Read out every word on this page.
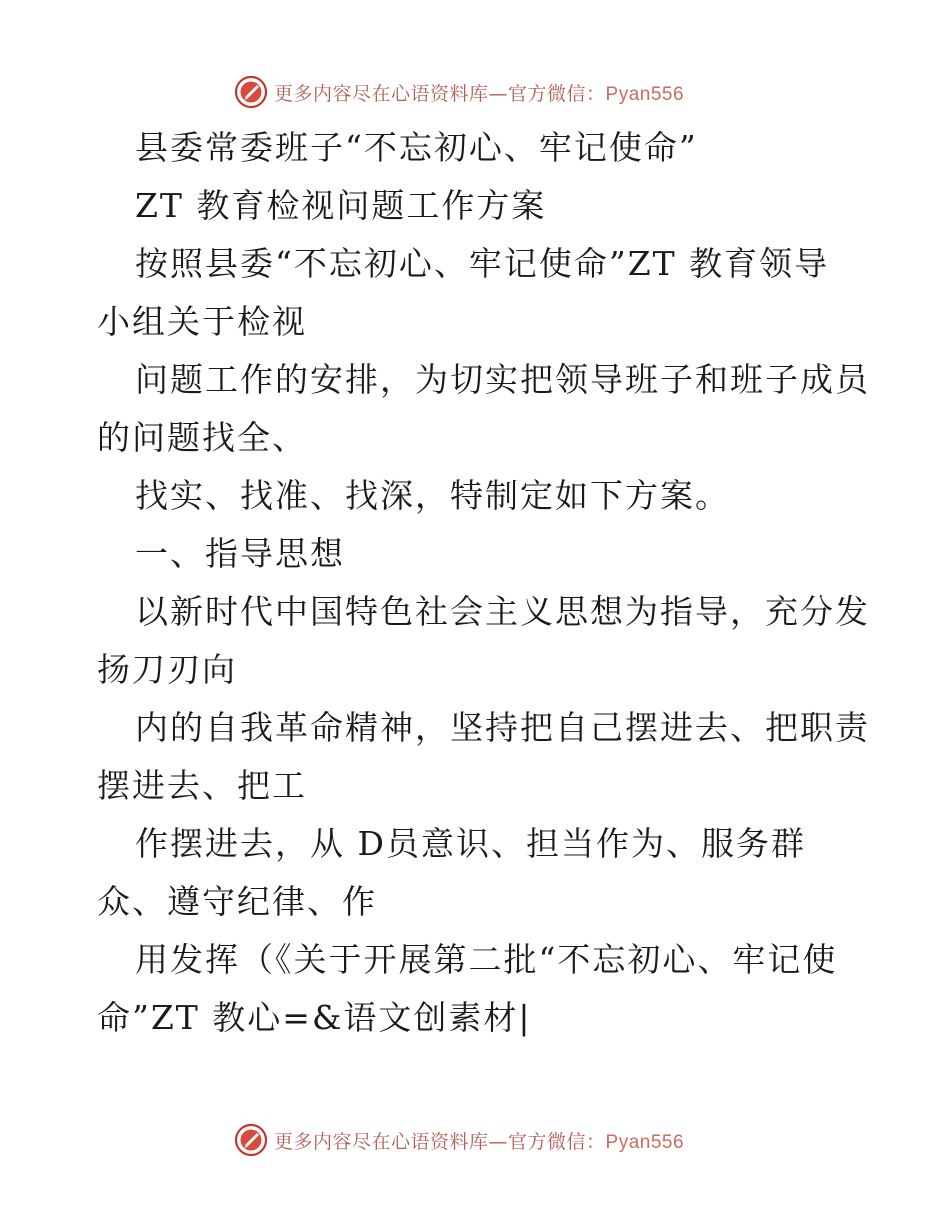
更多内容尽在心语资料库—官方微信：Pyan556
县委常委班子“不忘初心、牢记使命”
ZT 教育检视问题工作方案
按照县委“不忘初心、牢记使命”ZT 教育领导
小组关于检视
问题工作的安排，为切实把领导班子和班子成员
的问题找全、
找实、找准、找深，特制定如下方案。
一、指导思想
以新时代中国特色社会主义思想为指导，充分发
扬刀刃向
内的自我革命精神，坚持把自己摆进去、把职责
摆进去、把工
作摆进去，从 D员意识、担当作为、服务群
众、遵守纪律、作
用发挥（《关于开展第二批“不忘初心、牢记使
命”ZT 教心=&语文创素材|
更多内容尽在心语资料库—官方微信：Pyan556
